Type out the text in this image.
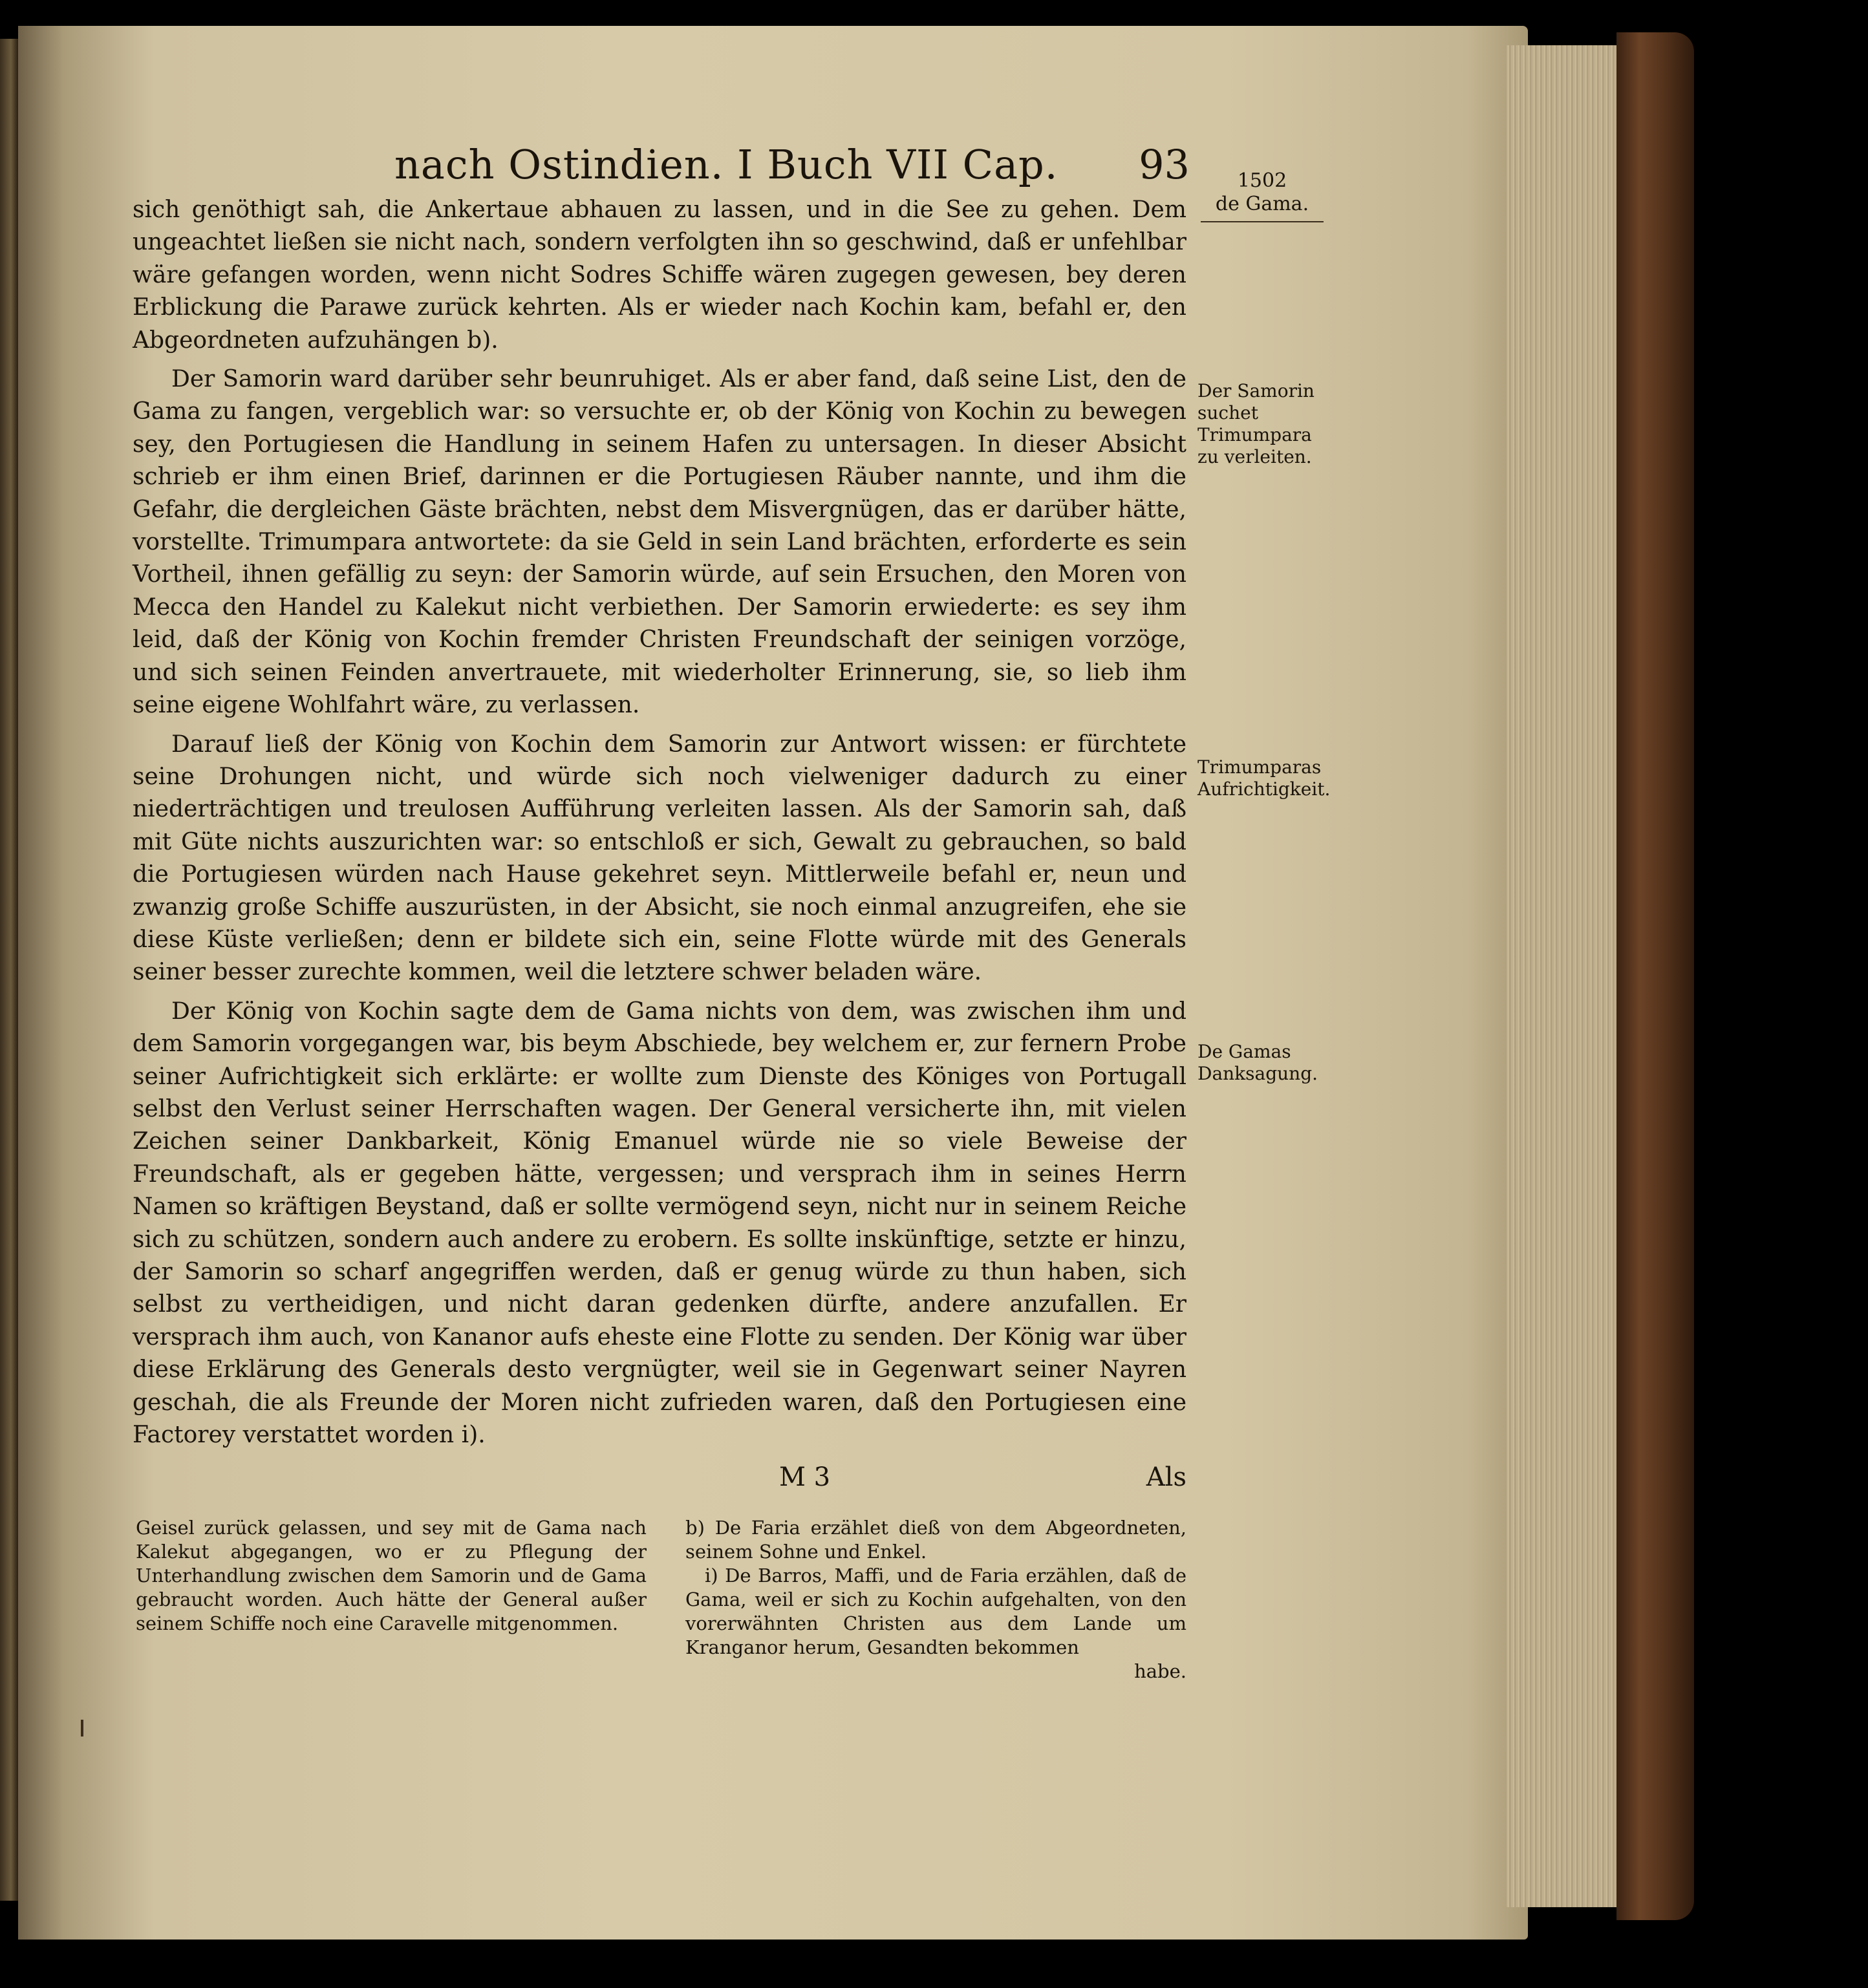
nach Ostindien. I Buch VII Cap. 93	1502
de Gama.
Der Samorin suchet Trimumpara zu verleiten.
Trimumparas Aufrichtigkeit.
De Gamas Danksagung.

sich genöthigt sah, die Ankertaue abhauen zu lassen, und in die See zu gehen. Dem ungeachtet ließen sie nicht nach, sondern verfolgten ihn so geschwind, daß er unfehlbar wäre gefangen worden, wenn nicht Sodres Schiffe wären zugegen gewesen, bey deren Erblickung die Parawe zurück kehrten. Als er wieder nach Kochin kam, befahl er, den Abgeordneten aufzuhängen b).

Der Samorin ward darüber sehr beunruhiget. Als er aber fand, daß seine List, den de Gama zu fangen, vergeblich war: so versuchte er, ob der König von Kochin zu bewegen sey, den Portugiesen die Handlung in seinem Hafen zu untersagen. In dieser Absicht schrieb er ihm einen Brief, darinnen er die Portugiesen Räuber nannte, und ihm die Gefahr, die dergleichen Gäste brächten, nebst dem Misvergnügen, das er darüber hätte, vorstellte. Trimumpara antwortete: da sie Geld in sein Land brächten, erforderte es sein Vortheil, ihnen gefällig zu seyn: der Samorin würde, auf sein Ersuchen, den Moren von Mecca den Handel zu Kalekut nicht verbiethen. Der Samorin erwiederte: es sey ihm leid, daß der König von Kochin fremder Christen Freundschaft der seinigen vorzöge, und sich seinen Feinden anvertrauete, mit wiederholter Erinnerung, sie, so lieb ihm seine eigene Wohlfahrt wäre, zu verlassen.

Darauf ließ der König von Kochin dem Samorin zur Antwort wissen: er fürchtete seine Drohungen nicht, und würde sich noch vielweniger dadurch zu einer niederträchtigen und treulosen Aufführung verleiten lassen. Als der Samorin sah, daß mit Güte nichts auszurichten war: so entschloß er sich, Gewalt zu gebrauchen, so bald die Portugiesen würden nach Hause gekehret seyn. Mittlerweile befahl er, neun und zwanzig große Schiffe auszurüsten, in der Absicht, sie noch einmal anzugreifen, ehe sie diese Küste verließen; denn er bildete sich ein, seine Flotte würde mit des Generals seiner besser zurechte kommen, weil die letztere schwer beladen wäre.

Der König von Kochin sagte dem de Gama nichts von dem, was zwischen ihm und dem Samorin vorgegangen war, bis beym Abschiede, bey welchem er, zur fernern Probe seiner Aufrichtigkeit sich erklärte: er wollte zum Dienste des Königes von Portugall selbst den Verlust seiner Herrschaften wagen. Der General versicherte ihn, mit vielen Zeichen seiner Dankbarkeit, König Emanuel würde nie so viele Beweise der Freundschaft, als er gegeben hätte, vergessen; und versprach ihm in seines Herrn Namen so kräftigen Beystand, daß er sollte vermögend seyn, nicht nur in seinem Reiche sich zu schützen, sondern auch andere zu erobern. Es sollte inskünftige, setzte er hinzu, der Samorin so scharf angegriffen werden, daß er genug würde zu thun haben, sich selbst zu vertheidigen, und nicht daran gedenken dürfte, andere anzufallen. Er versprach ihm auch, von Kananor aufs eheste eine Flotte zu senden. Der König war über diese Erklärung des Generals desto vergnügter, weil sie in Gegenwart seiner Nayren geschah, die als Freunde der Moren nicht zufrieden waren, daß den Portugiesen eine Factorey verstattet worden i).

M 3	Als
Geisel zurück gelassen, und sey mit de Gama nach Kalekut abgegangen, wo er zu Pflegung der Unterhandlung zwischen dem Samorin und de Gama gebraucht worden. Auch hätte der General außer seinem Schiffe noch eine Caravelle mitgenommen.

b) De Faria erzählet dieß von dem Abgeordneten, seinem Sohne und Enkel.

i) De Barros, Maffi, und de Faria erzählen, daß de Gama, weil er sich zu Kochin aufgehalten, von den vorerwähnten Christen aus dem Lande um Kranganor herum, Gesandten bekommen

habe.
